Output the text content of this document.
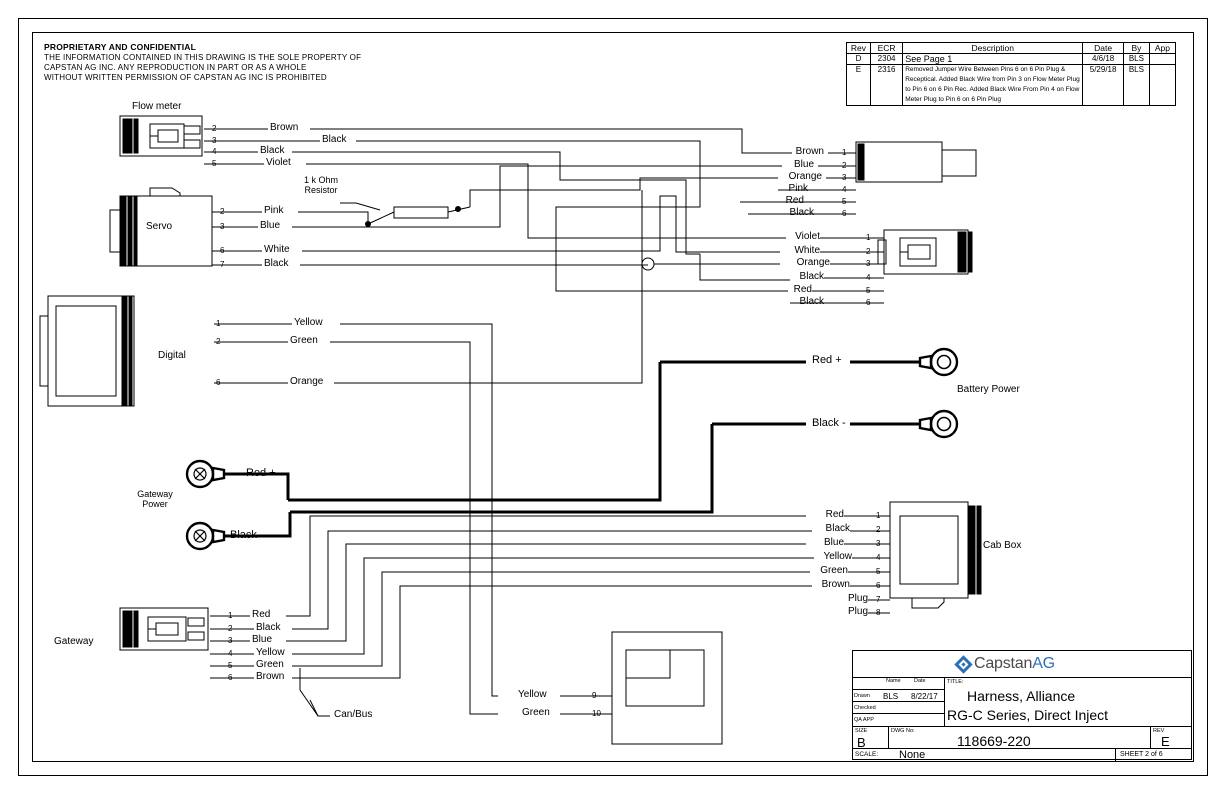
PROPRIETARY AND CONFIDENTIAL
THE INFORMATION CONTAINED IN THIS DRAWING IS THE SOLE PROPERTY OF
CAPSTAN AG INC. ANY REPRODUCTION IN PART OR AS A WHOLE
WITHOUT WRITTEN PERMISSION OF CAPSTAN AG INC IS PROHIBITED
Rev	ECR	Description	Date	By	App
D	2304	See Page 1	4/6/18	BLS	
E	2316	Removed Jumper Wire Between Pins 6 on 6 Pin Plug & Receptical. Added Black Wire from Pin 3 on Flow Meter Plug to Pin 6 on 6 Pin Rec. Added Black Wire From Pin 4 on Flow Meter Plug to Pin 6 on 6 Pin Plug	5/29/18	BLS	
Flow meter
Servo
Digital
Gateway
Power
Gateway
Battery Power
Cab Box
1 k Ohm
Resistor
Can/Bus
2
3
4
5
Brown
Black
Black
Violet
2
3
6
7
Pink
Blue
White
Black
1
2
6
Yellow
Green
Orange
Brown
Blue
Orange
Pink
Red
Black
1
2
3
4
5
6
Violet
White
Orange
Black
Red
Black
1
2
3
4
5
6
Red +
Black -
Red +
Black -
Red
Black
Blue
Yellow
Green
Brown
Plug
Plug
1
2
3
4
5
6
7
8
1
2
3
4
5
6
Red
Black
Blue
Yellow
Green
Brown
Yellow
Green
9
10
CapstanAG
Name Date
Drawn BLS 8/22/17
Checked
QA APP
TITLE:
Harness, Alliance
RG-C Series, Direct Inject
SIZE
B
DWG No:
118669-220
REV
E
SCALE: None	SHEET 2 of 6
